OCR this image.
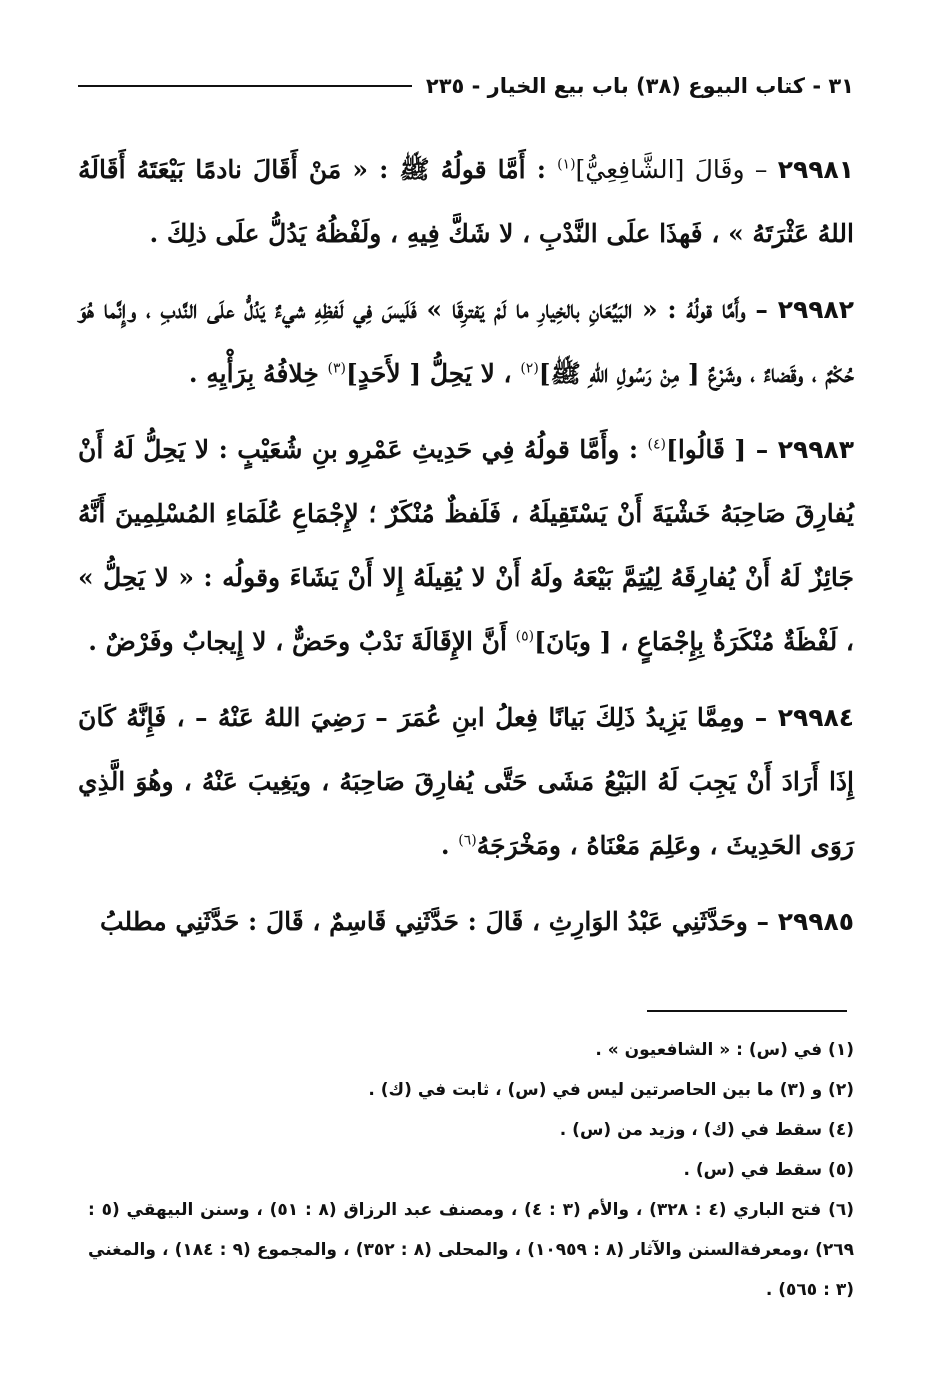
٣١ - كتاب البيوع (٣٨) باب بيع الخيار - ٢٣٥

٢٩٩٨١ – وقَالَ [الشَّافِعِيُّ]$^{(١)}$ : أَمَّا قولُهُ ﷺ : « مَنْ أَقَالَ نادمًا بَيْعَتَهُ أَقَالَهُ اللهُ عَثْرَتَهُ » ، فَهذَا علَى النَّدْبِ ، لا شَكَّ فِيهِ ، ولَفْظُهُ يَدُلُّ علَى ذلِكَ .

٢٩٩٨٢ – وأَمَّا قولُهُ : « البَيِّعَانِ بالخِيارِ ما لَمْ يَفترِقَا » فَلَيسَ فِي لَفظِهِ شيءٌ يَدُلُّ علَى النَّدبِ ، وإِنَّما هُوَ حُكْمٌ ، وقَضاءٌ ، وشَرْعٌ [ مِنْ رَسُولِ اللهِ ﷺ]$^{(٢)}$ ، لا يَحِلُّ [ لأَحَدٍ]$^{(٣)}$ خِلافُهُ بِرَأْيِهِ .

٢٩٩٨٣ – [ قَالُوا]$^{(٤)}$ : وأَمَّا قولُهُ فِي حَدِيثِ عَمْرِو بنِ شُعَيْبٍ : لا يَحِلُّ لَهُ أَنْ يُفارِقَ صَاحِبَهُ خَشْيَةَ أَنْ يَسْتَقِيلَهُ ، فَلَفظٌ مُنْكَرٌ ؛ لإِجْمَاعِ عُلَمَاءِ المُسْلِمِينَ أَنَّهُ جَائِزٌ لَهُ أَنْ يُفارِقَهُ لِيُتِمَّ بَيْعَهُ ولَهُ أَنْ لا يُقِيلَهُ إِلا أَنْ يَشَاءَ وقولُه : « لا يَحِلُّ » ، لَفْظَةٌ مُنْكَرَةٌ بِإِجْمَاعٍ ، [ وبَانَ]$^{(٥)}$ أَنَّ الإِقَالَةَ نَدْبٌ وحَضٌّ ، لا إِيجابٌ وفَرْضٌ .

٢٩٩٨٤ – ومِمَّا يَزِيدُ ذَلِكَ بَيانًا فِعلُ ابنِ عُمَرَ – رَضِيَ اللهُ عَنْهُ – ، فَإِنَّهُ كَانَ إِذَا أَرَادَ أَنْ يَجِبَ لَهُ البَيْعُ مَشَى حَتَّى يُفارِقَ صَاحِبَهُ ، ويَغِيبَ عَنْهُ ، وهُوَ الَّذِي رَوَى الحَدِيثَ ، وعَلِمَ مَعْنَاهُ ، ومَخْرَجَهُ$^{(٦)}$ .

٢٩٩٨٥ – وحَدَّثَنِي عَبْدُ الوَارِثِ ، قَالَ : حَدَّثَنِي قَاسِمٌ ، قَالَ : حَدَّثَنِي مطلبُ

(١) في (س) : « الشافعيون » .

(٢) و (٣) ما بين الحاصرتين ليس في (س) ، ثابت في (ك) .

(٤) سقط في (ك) ، وزيد من (س) .

(٥) سقط في (س) .

(٦) فتح الباري (٤ : ٣٢٨) ، والأم (٣ : ٤) ، ومصنف عبد الرزاق (٨ : ٥١) ، وسنن البيهقي (٥ : ٢٦٩) ،ومعرفةالسنن والآثار (٨ : ١٠٩٥٩) ، والمحلى (٨ : ٣٥٢) ، والمجموع (٩ : ١٨٤) ، والمغني (٣ : ٥٦٥) .
